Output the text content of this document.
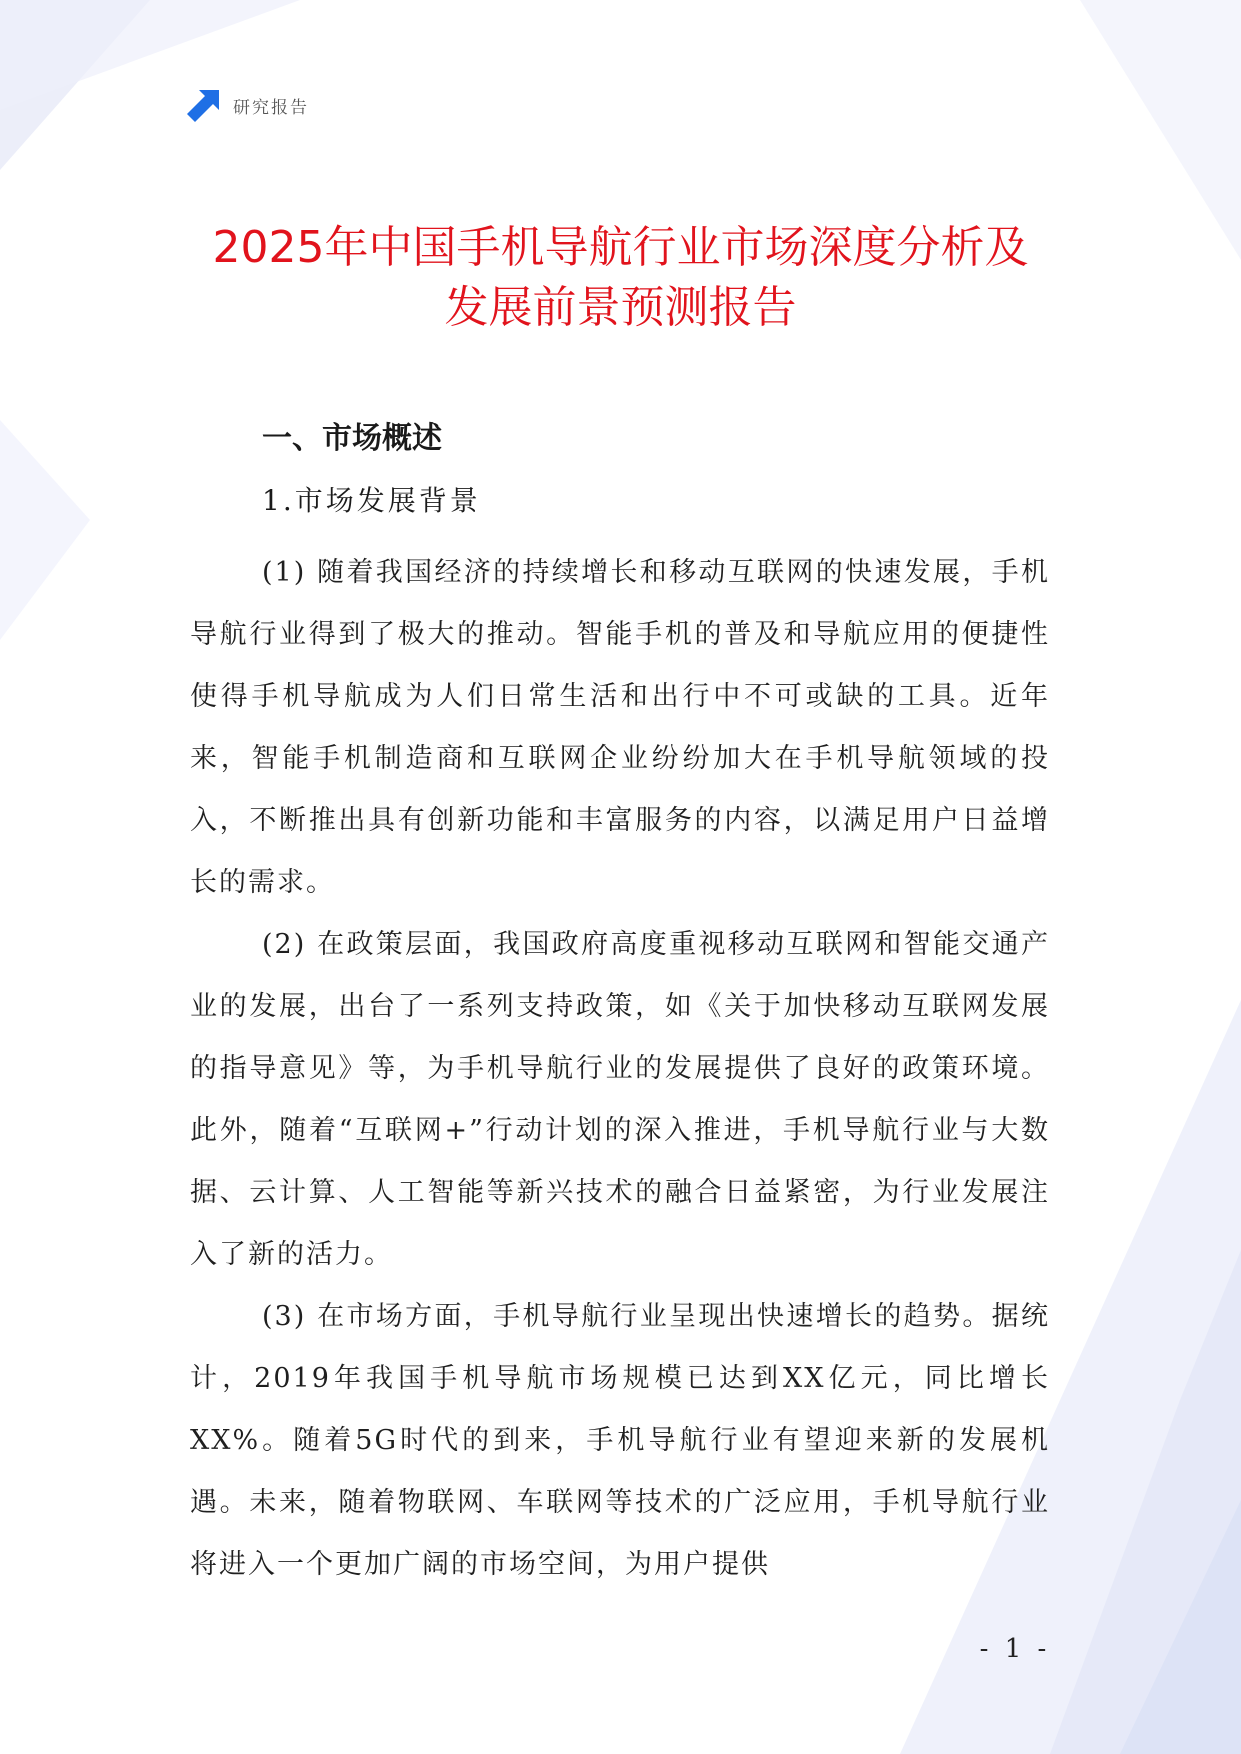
研究报告
2025年中国手机导航行业市场深度分析及
发展前景预测报告
一、市场概述
1.市场发展背景

(1) 随着我国经济的持续增长和移动互联网的快速发展，手机导航行业得到了极大的推动。智能手机的普及和导航应用的便捷性使得手机导航成为人们日常生活和出行中不可或缺的工具。近年来，智能手机制造商和互联网企业纷纷加大在手机导航领域的投入，不断推出具有创新功能和丰富服务的内容，以满足用户日益增长的需求。

(2) 在政策层面，我国政府高度重视移动互联网和智能交通产业的发展，出台了一系列支持政策，如《关于加快移动互联网发展的指导意见》等，为手机导航行业的发展提供了良好的政策环境。此外，随着“互联网+”行动计划的深入推进，手机导航行业与大数据、云计算、人工智能等新兴技术的融合日益紧密，为行业发展注入了新的活力。

(3) 在市场方面，手机导航行业呈现出快速增长的趋势。据统计，2019年我国手机导航市场规模已达到XX亿元，同比增长XX%。随着5G时代的到来，手机导航行业有望迎来新的发展机遇。未来，随着物联网、车联网等技术的广泛应用，手机导航行业将进入一个更加广阔的市场空间，为用户提供

- 1 -
